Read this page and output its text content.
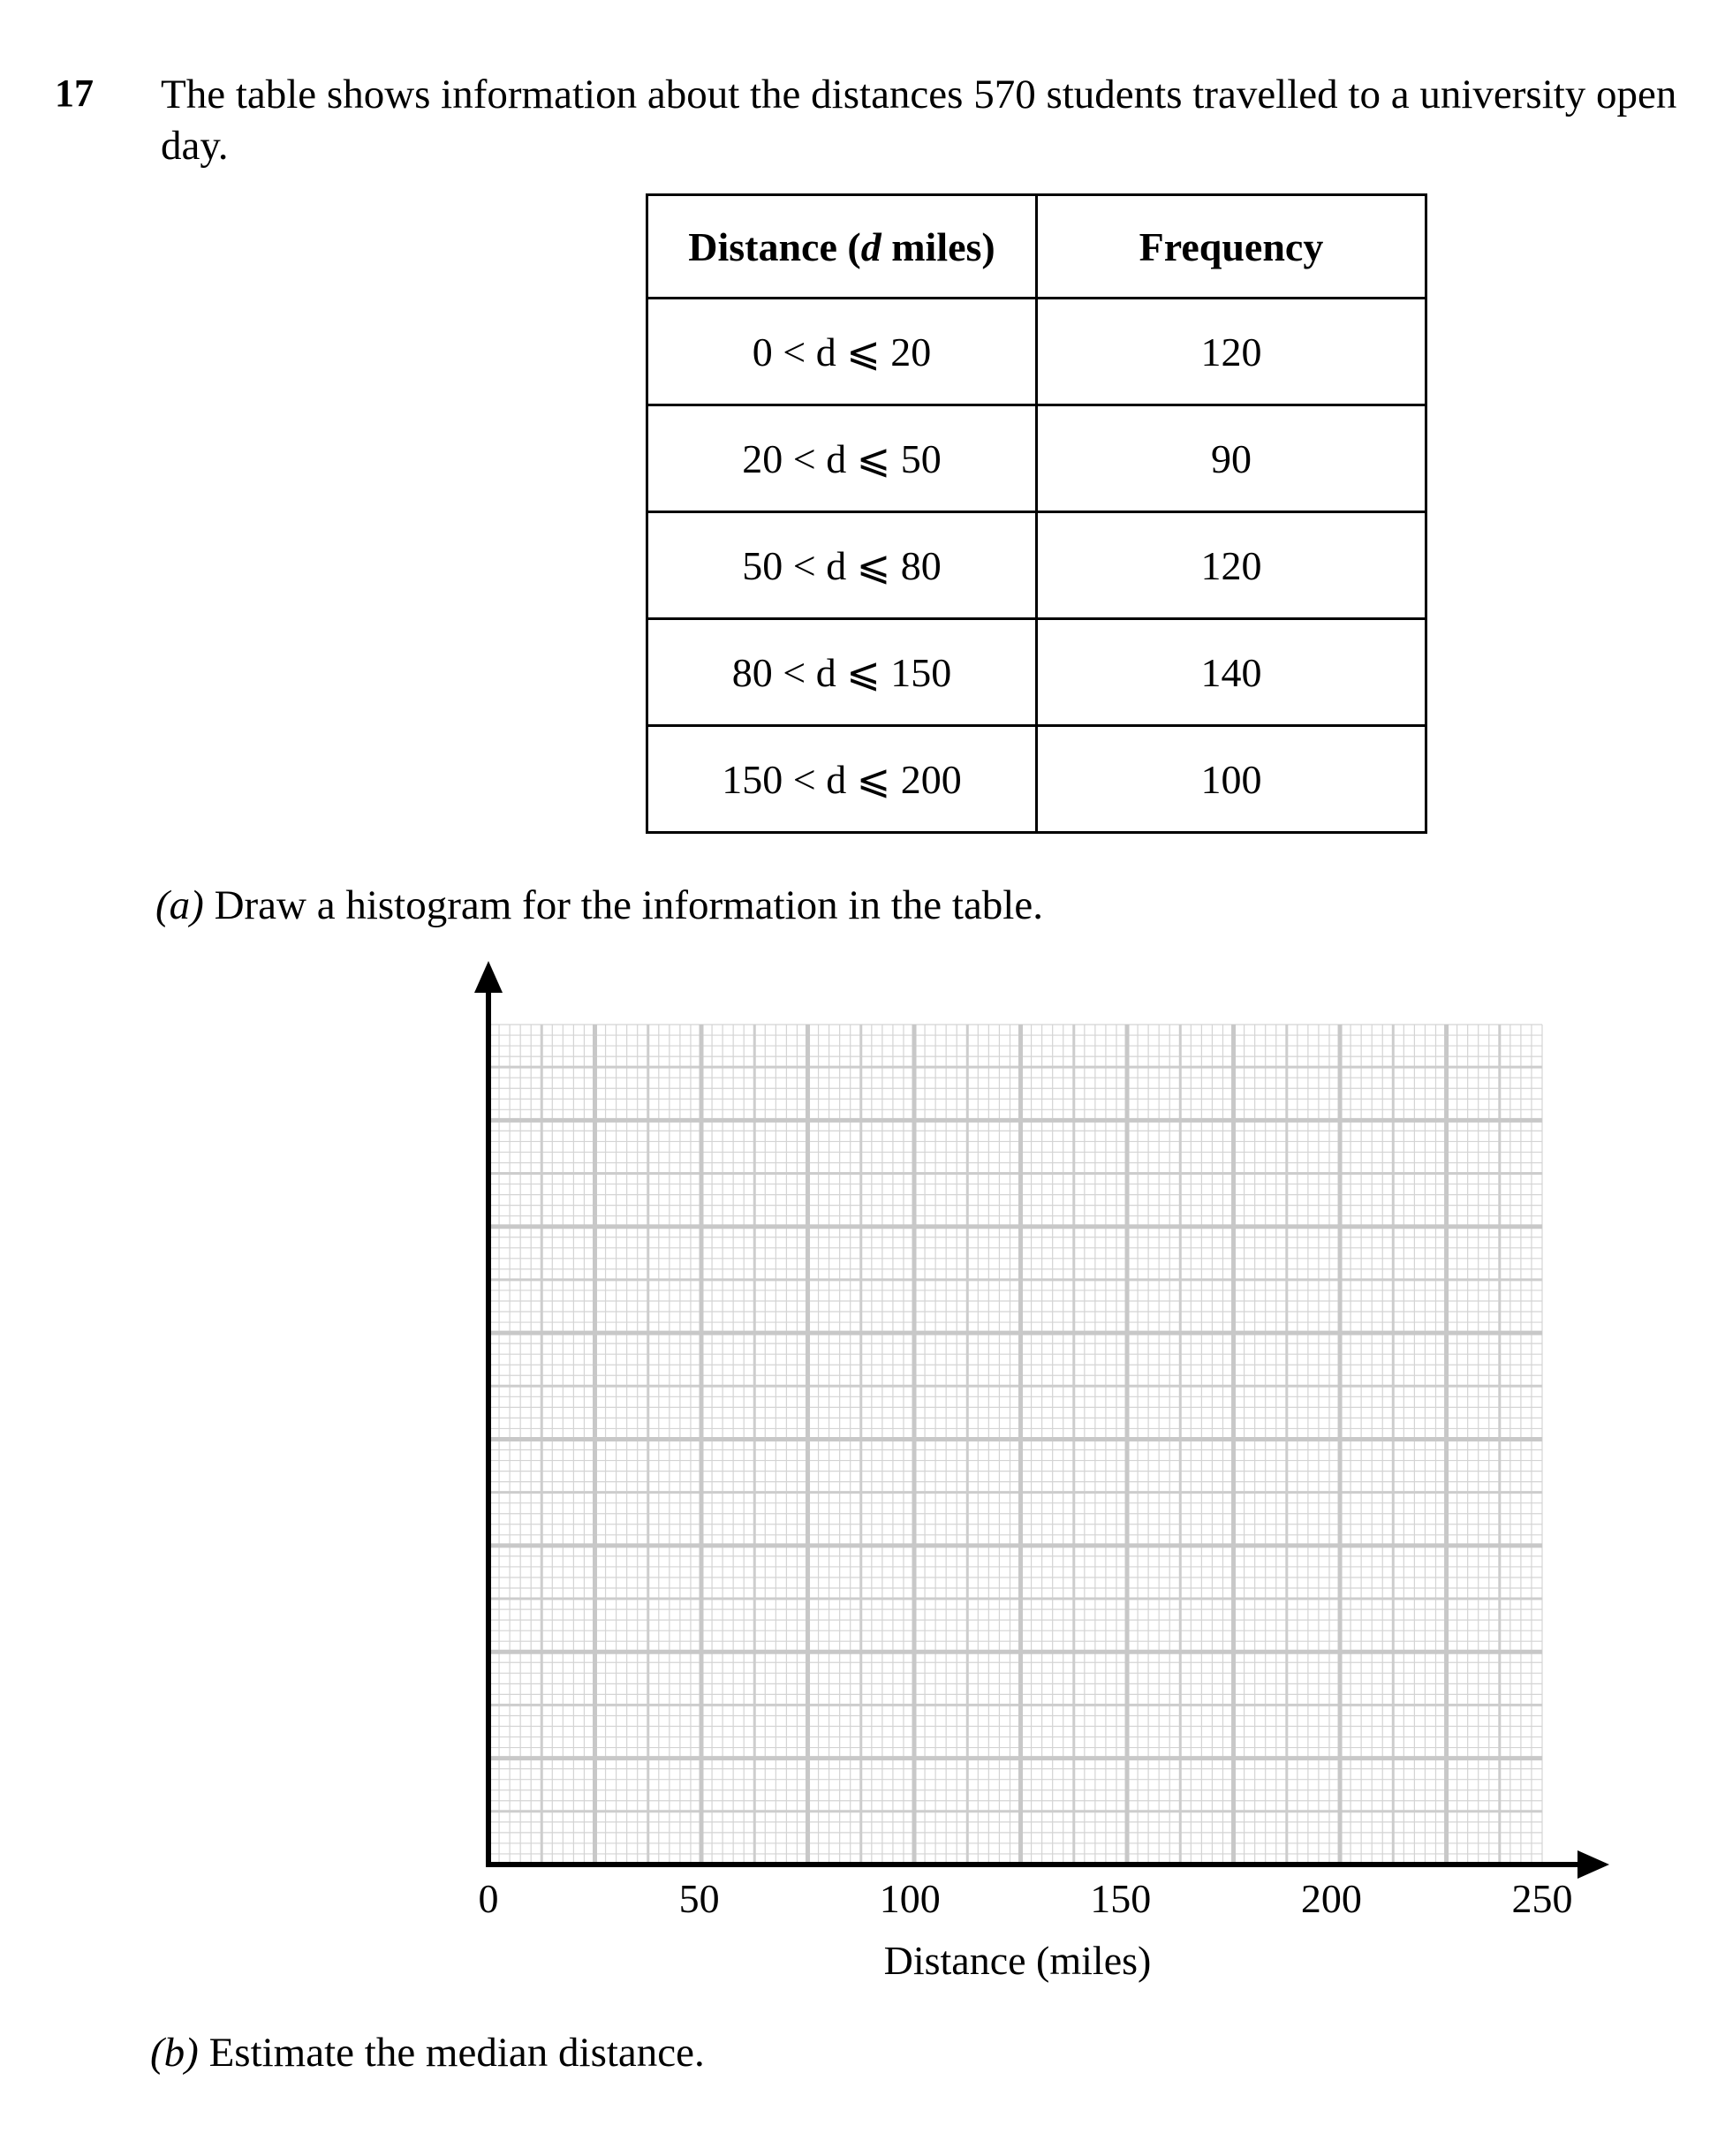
17 The table shows information about the distances 570 students travelled to a university open day.
Distance (d miles)	Frequency
0 < d ⩽ 20	120
20 < d ⩽ 50	90
50 < d ⩽ 80	120
80 < d ⩽ 150	140
150 < d ⩽ 200	100
(a) Draw a histogram for the information in the table.
0	50	100	150	200	250
Distance (miles)
(b) Estimate the median distance.
